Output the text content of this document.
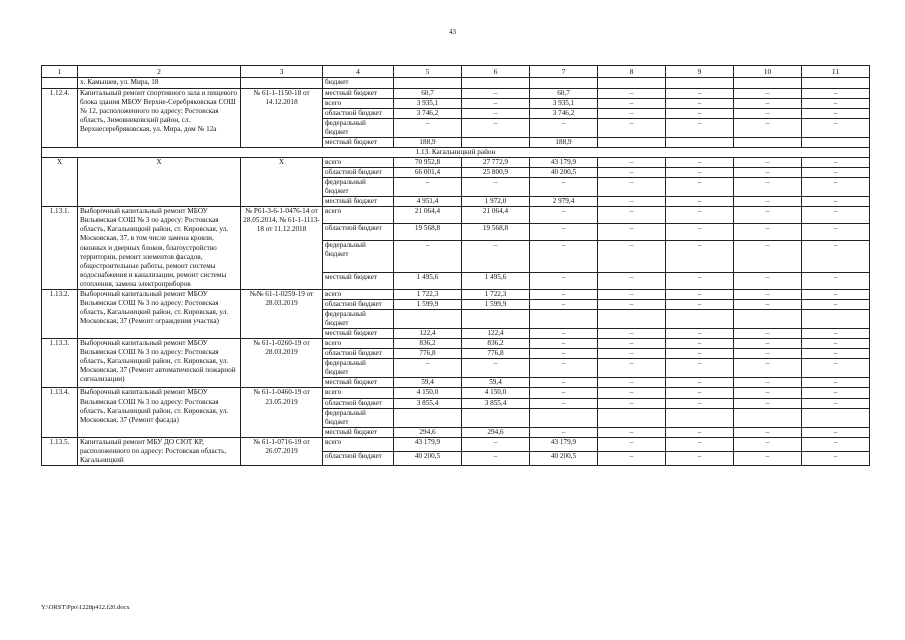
43
1	2	3	4	5	6	7	8	9	10	11
	х. Камышев, ул. Мира, 18		бюджет							
1.12.4.	Капитальный ремонт спортивного зала и пищевого блока здания МБОУ Верхне-Серебряковская СОШ № 12, расположенного по адресу: Ростовская область, Зимовниковский район, сл. Верхнесеребряковская, ул. Мира, дом № 12а	№ 61-1-1150-18 от 14.12.2018	местный бюджет	60,7	–	60,7	–	–	–	–
			всего	3 935,1	–	3 935,1	–	–	–	–
			областной бюджет	3 746,2	–	3 746,2	–	–	–	–
			федеральный бюджет	–	–	–	–	–	–	–
			местный бюджет	188,9		188,9				
1.13. Кагальницкий район										
Х	Х	Х	всего	70 952,8	27 772,9	43 179,9	–	–	–	–
			областной бюджет	66 001,4	25 800,9	40 200,5	–	–	–	–
			федеральный бюджет	–	–	–	–	–	–	–
			местный бюджет	4 951,4	1 972,0	2 979,4	–	–	–	–
1.13.1.	Выборочный капитальный ремонт МБОУ Вильямская СОШ № 3 по адресу: Ростовская область, Кагальницкий район, ст. Кировская, ул. Московская, 37, в том числе замена кровли, оконных и дверных блоков, благоустройство территории, ремонт элементов фасадов, общестроительные работы, ремонт системы водоснабжения и канализации, ремонт системы отопления, замена электроприборов	№ Р61-3-6-1-0476-14 от 28.05.2014, № 61-1-1113-18 от 11.12.2018	всего	21 064,4	21 064,4	–	–	–	–	–
			областной бюджет	19 568,8	19 568,8	–	–	–	–	–
			федеральный бюджет	–	–	–	–	–	–	–
			местный бюджет	1 495,6	1 495,6	–	–	–	–	–
1.13.2.	Выборочный капитальный ремонт МБОУ Вильямская СОШ № 3 по адресу: Ростовская область, Кагальницкий район, ст. Кировская, ул. Московская, 37 (Ремонт ограждения участка)	№№ 61-1-0259-19 от 28.03.2019	всего	1 722,3	1 722,3	–	–	–	–	–
			областной бюджет	1 599,9	1 599,9	–	–	–	–	–
			федеральный бюджет							
			местный бюджет	122,4	122,4	–	–	–	–	–
1.13.3.	Выборочный капитальный ремонт МБОУ Вильямская СОШ № 3 по адресу: Ростовская область, Кагальницкий район, ст. Кировская, ул. Московская, 37 (Ремонт автоматической пожарной сигнализации)	№ 61-1-0260-19 от 28.03.2019	всего	836,2	836,2	–	–	–	–	–
			областной бюджет	776,8	776,8	–	–	–	–	–
			федеральный бюджет	–	–	–	–	–	–	–
			местный бюджет	59,4	59,4	–	–	–	–	–
1.13.4.	Выборочный капитальный ремонт МБОУ Вильямская СОШ № 3 по адресу: Ростовская область, Кагальницкий район, ст. Кировская, ул. Московская, 37 (Ремонт фасада)	№ 61-1-0460-19 от 23.05.2019	всего	4 150,0	4 150,0	–	–	–	–	–
			областной бюджет	3 855,4	3 855,4	–	–	–	–	–
			федеральный бюджет							
			местный бюджет	294,6	294,6	–	–	–	–	–
1.13.5.	Капитальный ремонт МБУ ДО СЮТ КР, расположенного по адресу: Ростовская область, Кагальницкий	№ 61-1-0716-19 от 26.07.2019	всего	43 179,9	–	43 179,9	–	–	–	–
			областной бюджет	40 200,5	–	40 200,5	–	–	–	–
Y:\ORST\Ppo\1228p412.f20.docx
